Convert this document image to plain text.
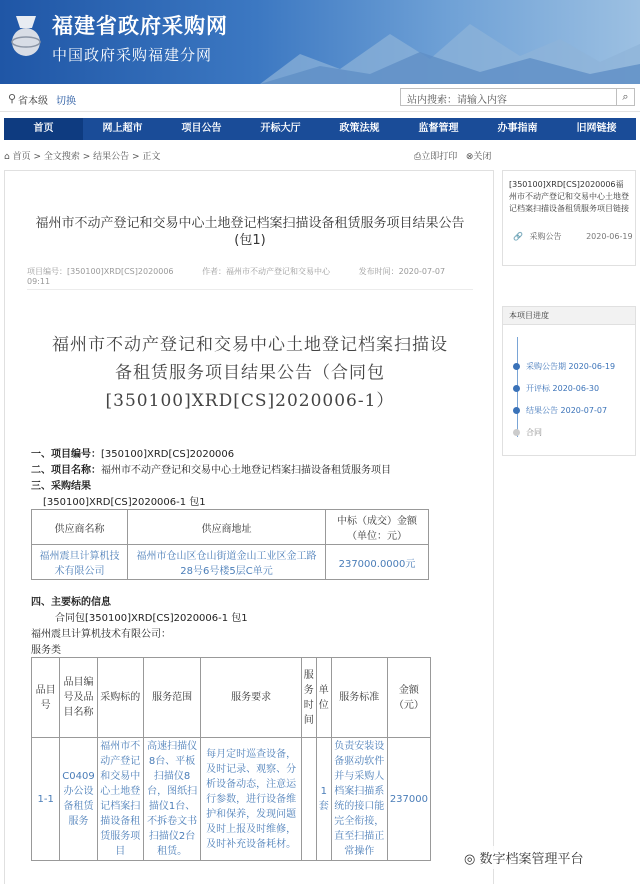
福建省政府采购网
中国政府采购福建分网
⚲ 省本级 切换	站内搜索：请输入内容	⌕
首页	网上超市	项目公告	开标大厅	政策法规	监督管理	办事指南	旧网链接
⌂ 首页 > 全文搜索 > 结果公告 > 正文	⎙立即打印 ⊗关闭
福州市不动产登记和交易中心土地登记档案扫描设备租赁服务项目结果公告(包1)
项目编号：[350100]XRD[CS]2020006	作者：福州市不动产登记和交易中心	发布时间：2020-07-07 09:11
福州市不动产登记和交易中心土地登记档案扫描设
备租赁服务项目结果公告（合同包
[350100]XRD[CS]2020006-1）
一、项目编号：[350100]XRD[CS]2020006
二、项目名称：福州市不动产登记和交易中心土地登记档案扫描设备租赁服务项目
三、采购结果
[350100]XRD[CS]2020006-1 包1
供应商名称	供应商地址	中标（成交）金额（单位：元）
福州震旦计算机技术有限公司	福州市仓山区仓山街道金山工业区金工路28号6号楼5层C单元	237000.0000元
四、主要标的信息
合同包[350100]XRD[CS]2020006-1 包1
福州震旦计算机技术有限公司：
服务类
品目号	品目编号及品目名称	采购标的	服务范围	服务要求	服务时间	单位	服务标准	金额（元）
1-1	C0409办公设备租赁服务	福州市不动产登记和交易中心土地登记档案扫描设备租赁服务项目	高速扫描仪8台、平板扫描仪8台，图纸扫描仪1台、不拆卷文书扫描仪2台租赁。	每月定时巡查设备，及时记录、观察、分析设备动态，注意运行参数，进行设备维护和保养，发现问题及时上报及时维修，及时补充设备耗材。		1套	负责安装设备驱动软件并与采购人档案扫描系统的接口能完全衔接，直至扫描正常操作	237000
[350100]XRD[CS]2020006福州市不动产登记和交易中心土地登记档案扫描设备租赁服务项目链接
🔗 采购公告	2020-06-19
本项目进度
采购公告期 2020-06-19
开评标 2020-06-30
结果公告 2020-07-07
合同
◎ 数字档案管理平台
